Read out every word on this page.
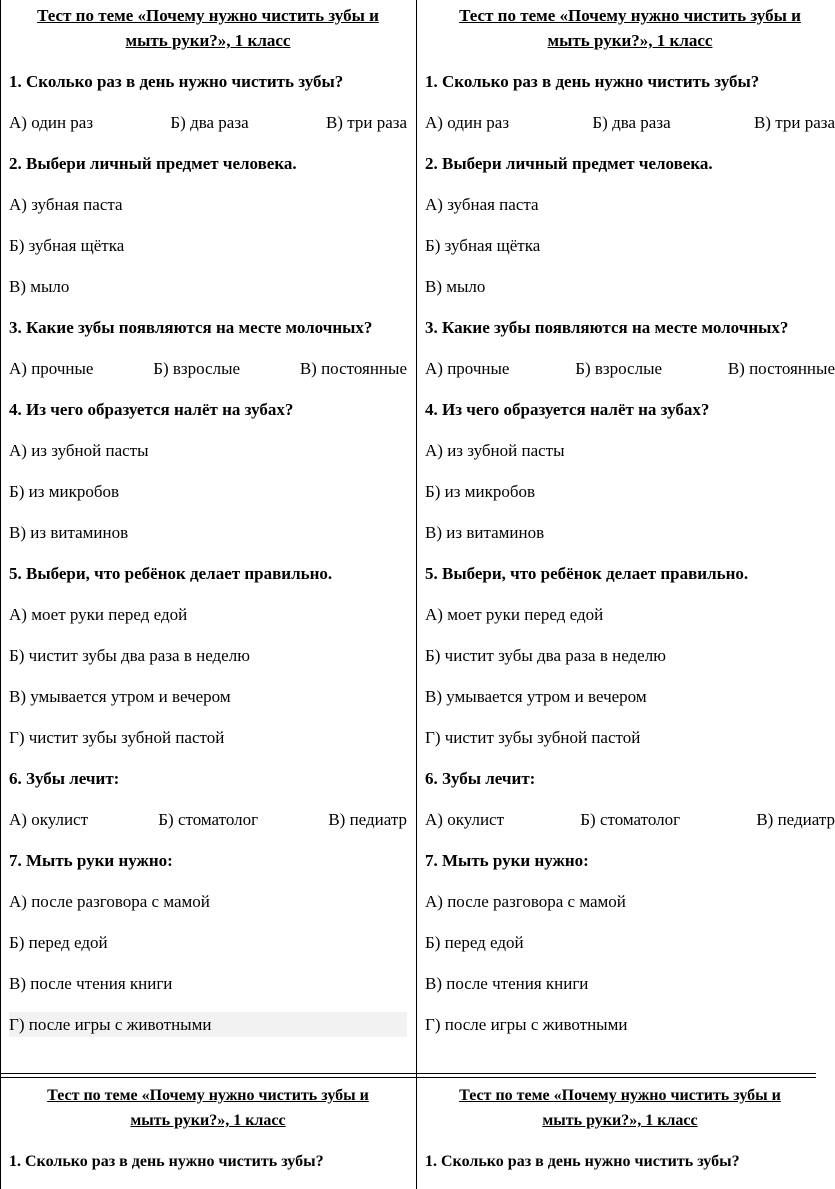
Тест по теме «Почему нужно чистить зубы и
мыть руки?», 1 класс

1. Сколько раз в день нужно чистить зубы?

А) один раз	Б) два раза	В) три раза

2. Выбери личный предмет человека.

А) зубная паста

Б) зубная щётка

В) мыло

3. Какие зубы появляются на месте молочных?

А) прочные	Б) взрослые	В) постоянные

4. Из чего образуется налёт на зубах?

А) из зубной пасты

Б) из микробов

В) из витаминов

5. Выбери, что ребёнок делает правильно.

А) моет руки перед едой

Б) чистит зубы два раза в неделю

В) умывается утром и вечером

Г) чистит зубы зубной пастой

6. Зубы лечит:

А) окулист	Б) стоматолог	В) педиатр

7. Мыть руки нужно:

А) после разговора с мамой

Б) перед едой

В) после чтения книги

Г) после игры с животными

Тест по теме «Почему нужно чистить зубы и
мыть руки?», 1 класс

1. Сколько раз в день нужно чистить зубы?

А) один раз	Б) два раза	В) три раза

2. Выбери личный предмет человека.

А) зубная паста

Б) зубная щётка

В) мыло

3. Какие зубы появляются на месте молочных?

А) прочные	Б) взрослые	В) постоянные

4. Из чего образуется налёт на зубах?

А) из зубной пасты

Б) из микробов

В) из витаминов

5. Выбери, что ребёнок делает правильно.

А) моет руки перед едой

Б) чистит зубы два раза в неделю

В) умывается утром и вечером

Г) чистит зубы зубной пастой

6. Зубы лечит:

А) окулист	Б) стоматолог	В) педиатр

7. Мыть руки нужно:

А) после разговора с мамой

Б) перед едой

В) после чтения книги

Г) после игры с животными

Тест по теме «Почему нужно чистить зубы и
мыть руки?», 1 класс

1. Сколько раз в день нужно чистить зубы?

Тест по теме «Почему нужно чистить зубы и
мыть руки?», 1 класс

1. Сколько раз в день нужно чистить зубы?
